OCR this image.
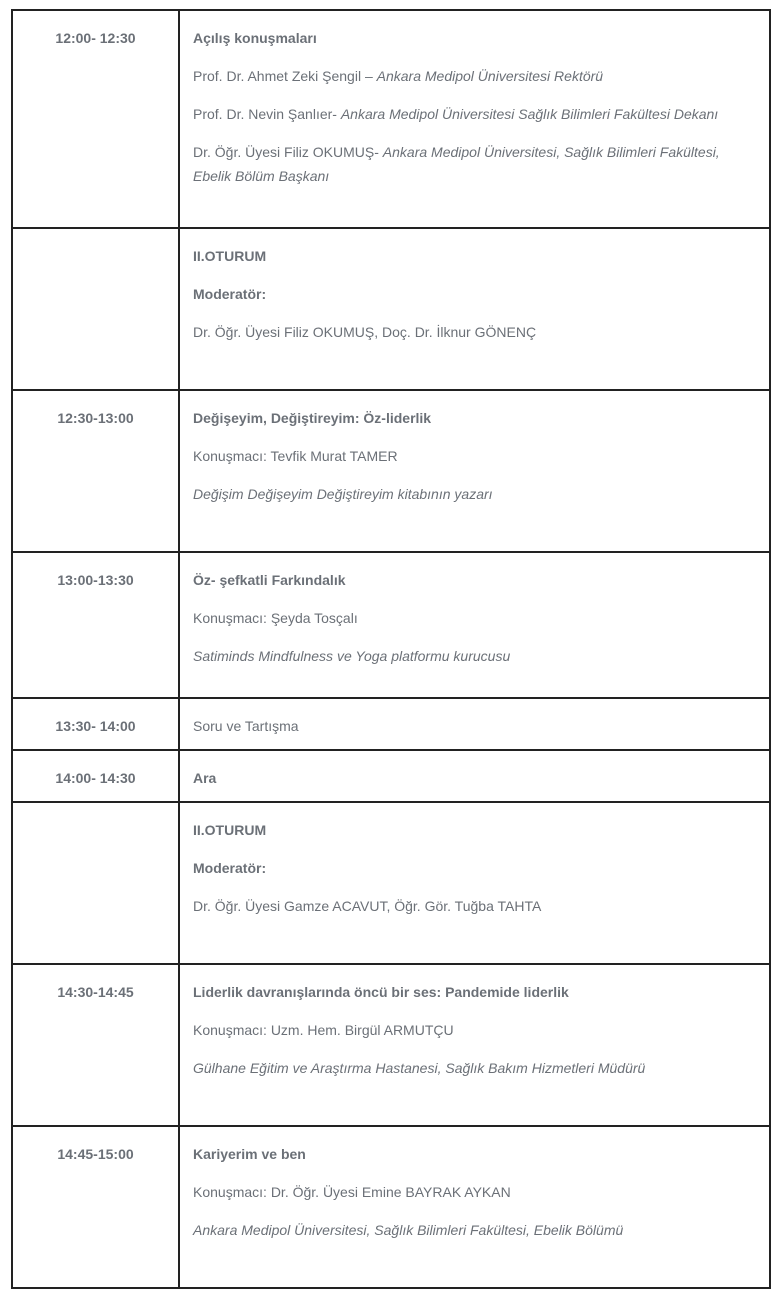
12:00- 12:30	Açılış konuşmaları
Prof. Dr. Ahmet Zeki Şengil – Ankara Medipol Üniversitesi Rektörü
Prof. Dr. Nevin Şanlıer- Ankara Medipol Üniversitesi Sağlık Bilimleri Fakültesi Dekanı
Dr. Öğr. Üyesi Filiz OKUMUŞ- Ankara Medipol Üniversitesi, Sağlık Bilimleri Fakültesi, Ebelik Bölüm Başkanı

	II.OTURUM
Moderatör:
Dr. Öğr. Üyesi Filiz OKUMUŞ, Doç. Dr. İlknur GÖNENÇ

12:30-13:00	Değişeyim, Değiştireyim: Öz-liderlik
Konuşmacı: Tevfik Murat TAMER
Değişim Değişeyim Değiştireyim kitabının yazarı

13:00-13:30	Öz- şefkatli Farkındalık
Konuşmacı: Şeyda Tosçalı
Satiminds Mindfulness ve Yoga platformu kurucusu

13:30- 14:00	Soru ve Tartışma

14:00- 14:30	Ara

	II.OTURUM
Moderatör:
Dr. Öğr. Üyesi Gamze ACAVUT, Öğr. Gör. Tuğba TAHTA

14:30-14:45	Liderlik davranışlarında öncü bir ses: Pandemide liderlik
Konuşmacı: Uzm. Hem. Birgül ARMUTÇU
Gülhane Eğitim ve Araştırma Hastanesi, Sağlık Bakım Hizmetleri Müdürü

14:45-15:00	Kariyerim ve ben
Konuşmacı: Dr. Öğr. Üyesi Emine BAYRAK AYKAN
Ankara Medipol Üniversitesi, Sağlık Bilimleri Fakültesi, Ebelik Bölümü
